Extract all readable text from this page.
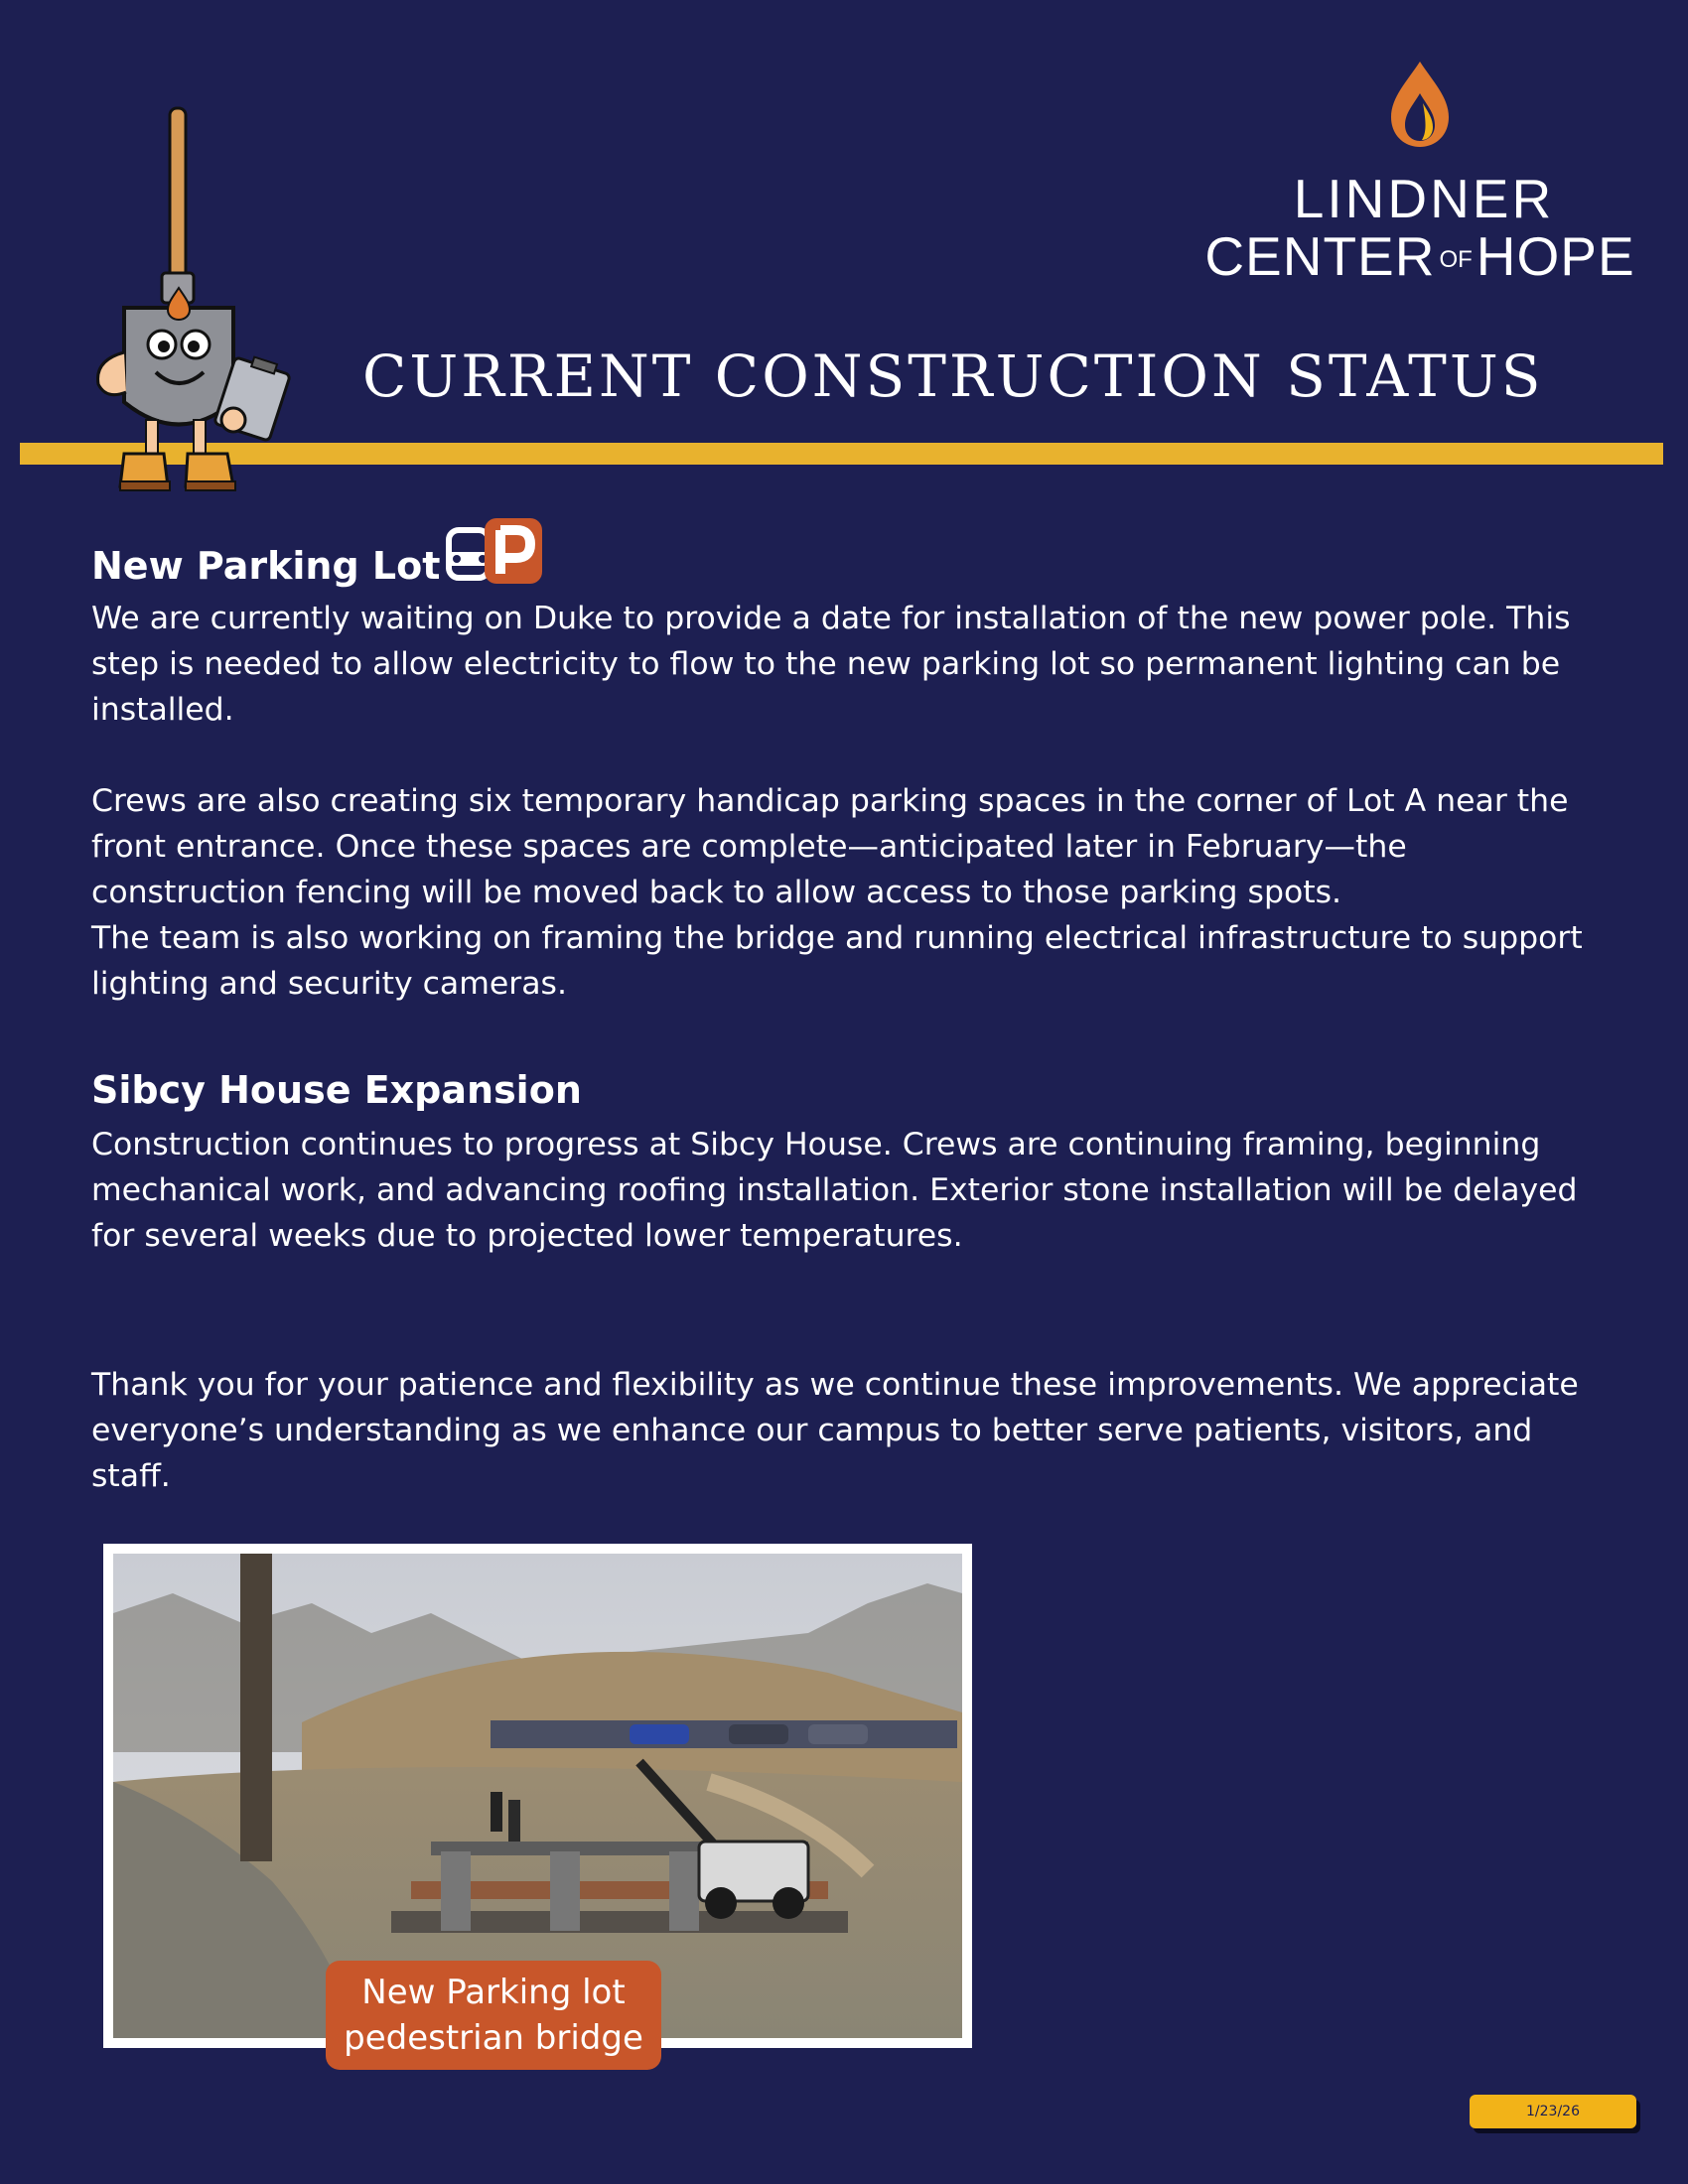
LINDNER
CENTER OFHOPE
CURRENT CONSTRUCTION STATUS
New Parking Lot
We are currently waiting on Duke to provide a date for installation of the new power pole. This step is needed to allow electricity to flow to the new parking lot so permanent lighting can be installed.
Crews are also creating six temporary handicap parking spaces in the corner of Lot A near the front entrance. Once these spaces are complete—anticipated later in February—the construction fencing will be moved back to allow access to those parking spots.
The team is also working on framing the bridge and running electrical infrastructure to support lighting and security cameras.
Sibcy House Expansion
Construction continues to progress at Sibcy House. Crews are continuing framing, beginning mechanical work, and advancing roofing installation. Exterior stone installation will be delayed for several weeks due to projected lower temperatures.
Thank you for your patience and flexibility as we continue these improvements. We appreciate everyone’s understanding as we enhance our campus to better serve patients, visitors, and staff.
New Parking lot
pedestrian bridge
1/23/26
